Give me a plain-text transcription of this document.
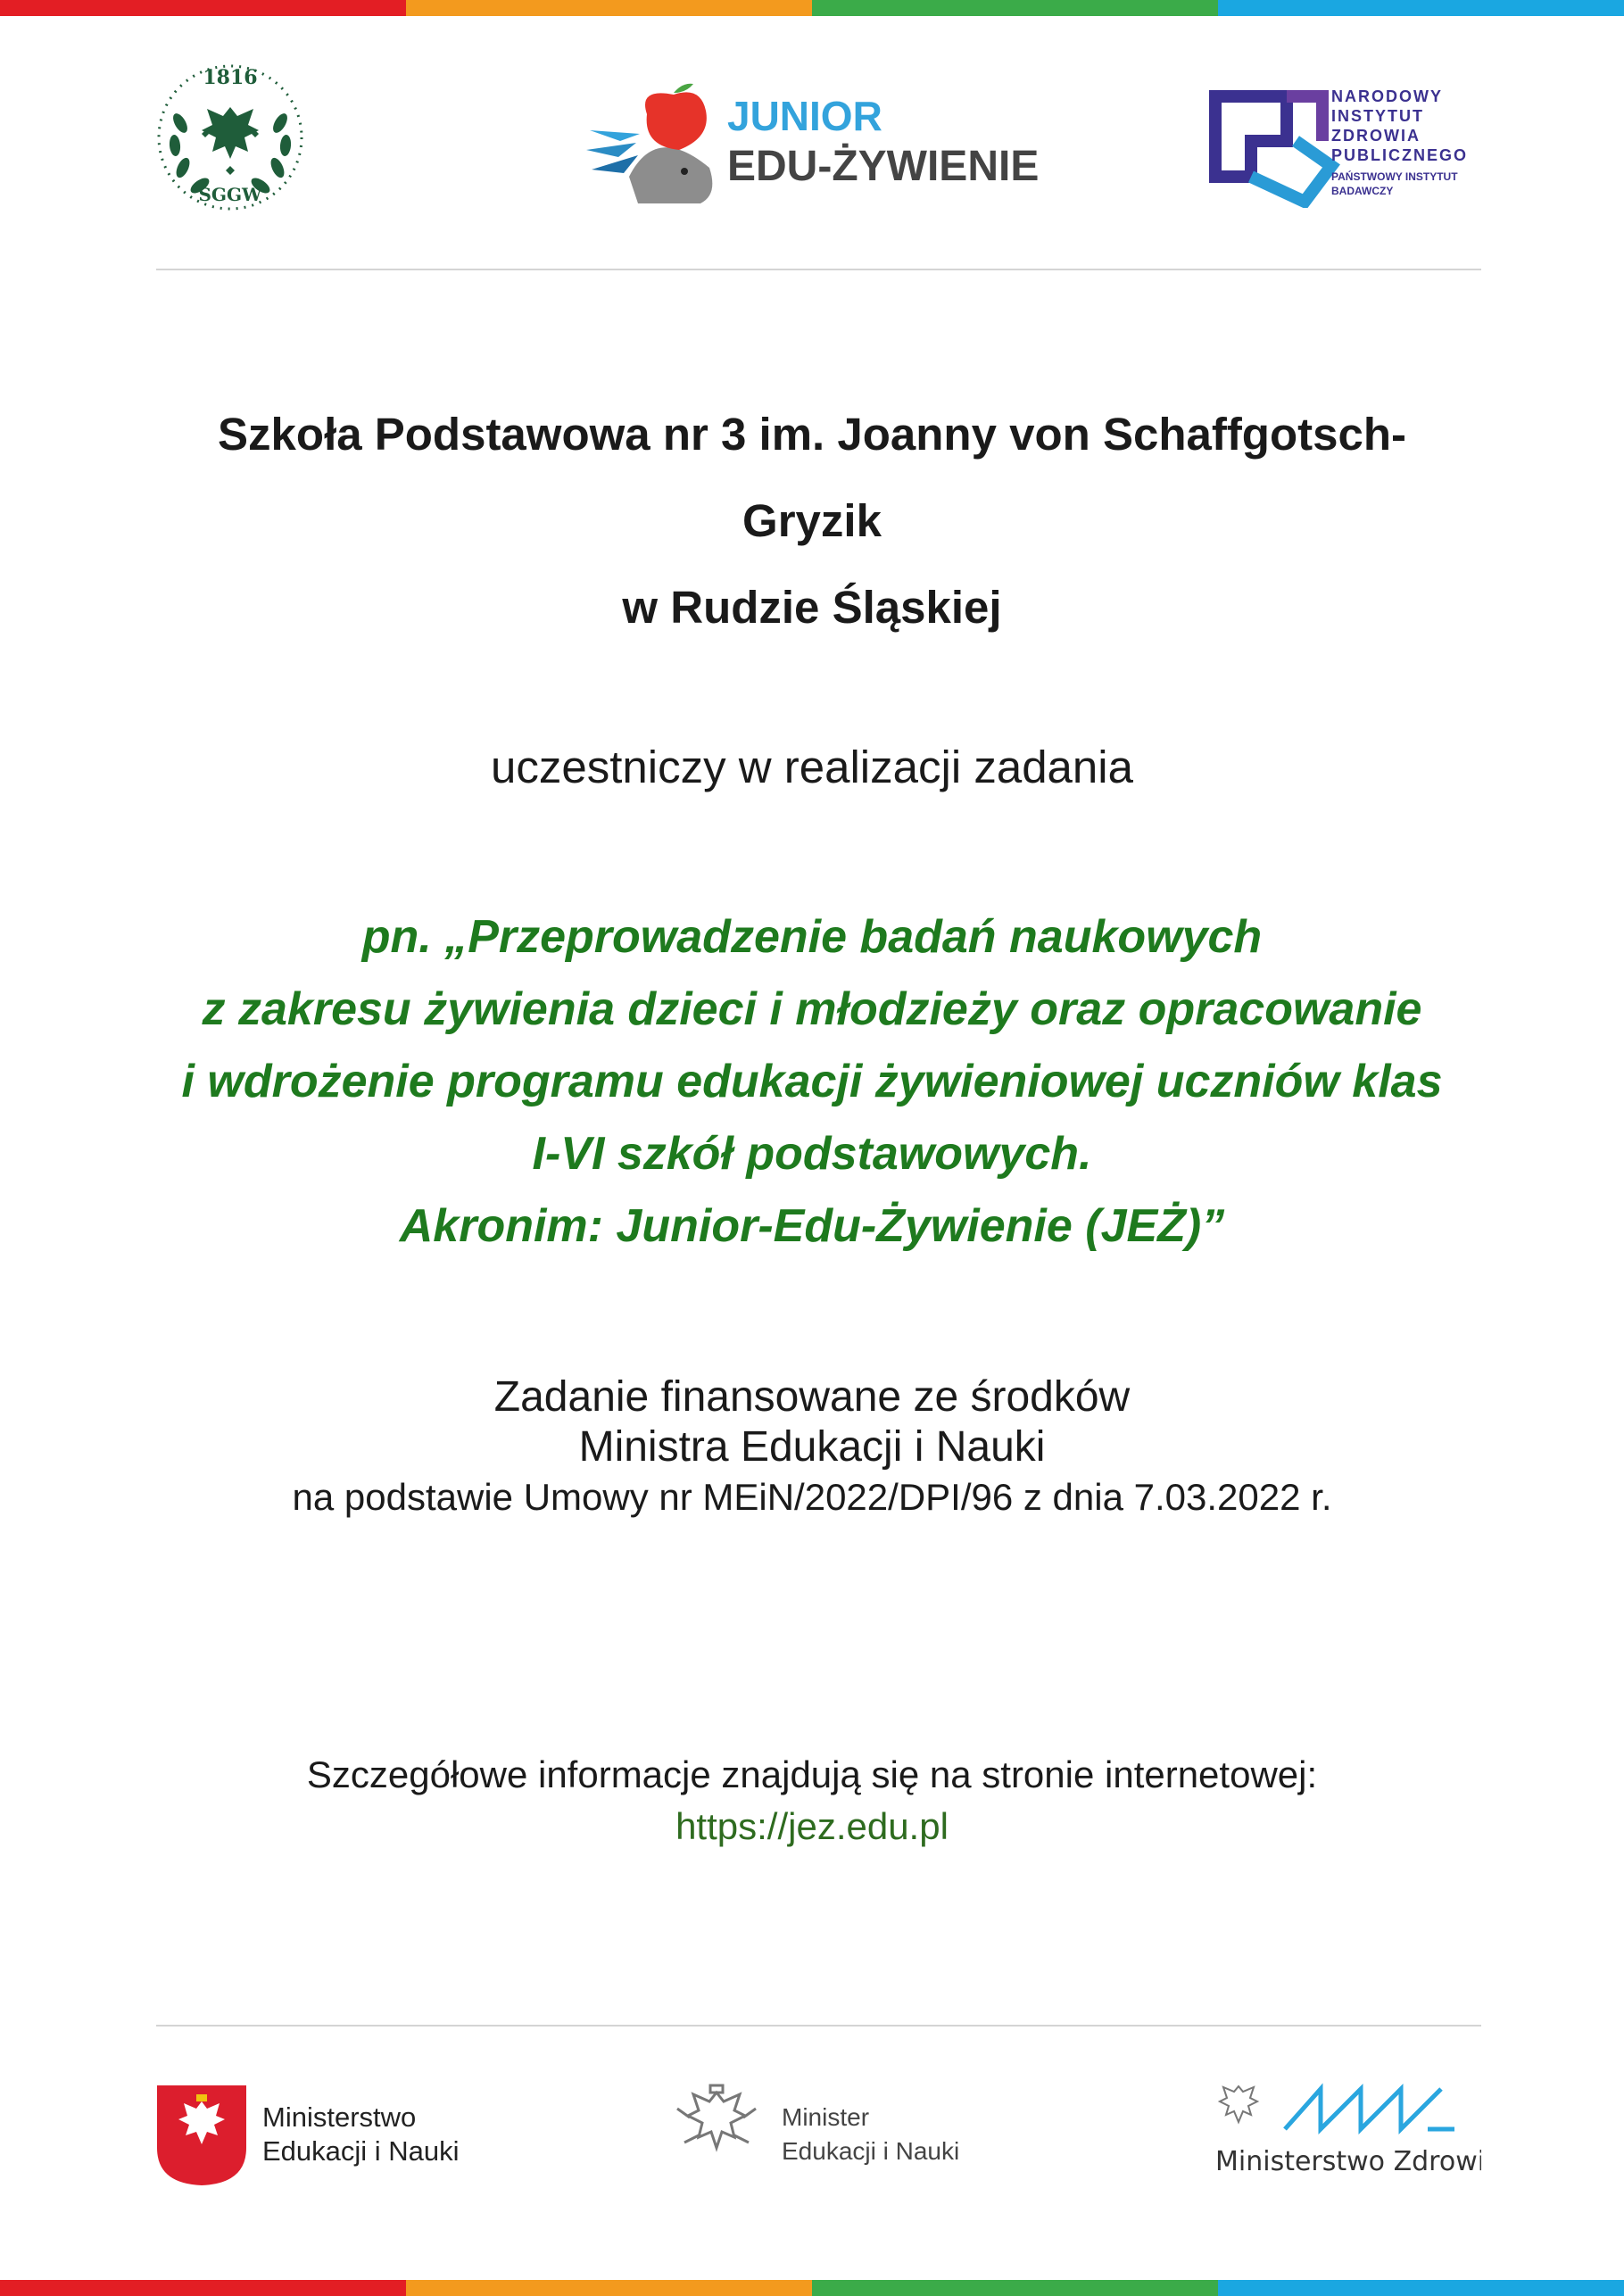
1816
SGGW
JUNIOR
EDU-ŻYWIENIE
NARODOWY
INSTYTUT
ZDROWIA
PUBLICZNEGO
PAŃSTWOWY INSTYTUT
BADAWCZY
Szkoła Podstawowa nr 3 im. Joanny von Schaffgotsch-
Gryzik
w Rudzie Śląskiej
uczestniczy w realizacji zadania
pn. „Przeprowadzenie badań naukowych
z zakresu żywienia dzieci i młodzieży oraz opracowanie
i wdrożenie programu edukacji żywieniowej uczniów klas
I-VI szkół podstawowych.
Akronim: Junior-Edu-Żywienie (JEŻ)”
Zadanie finansowane ze środków
Ministra Edukacji i Nauki
na podstawie Umowy nr MEiN/2022/DPI/96 z dnia 7.03.2022 r.
Szczegółowe informacje znajdują się na stronie internetowej:
https://jez.edu.pl
Ministerstwo
Edukacji i Nauki
Minister
Edukacji i Nauki	Ministerstwo Zdrowia
